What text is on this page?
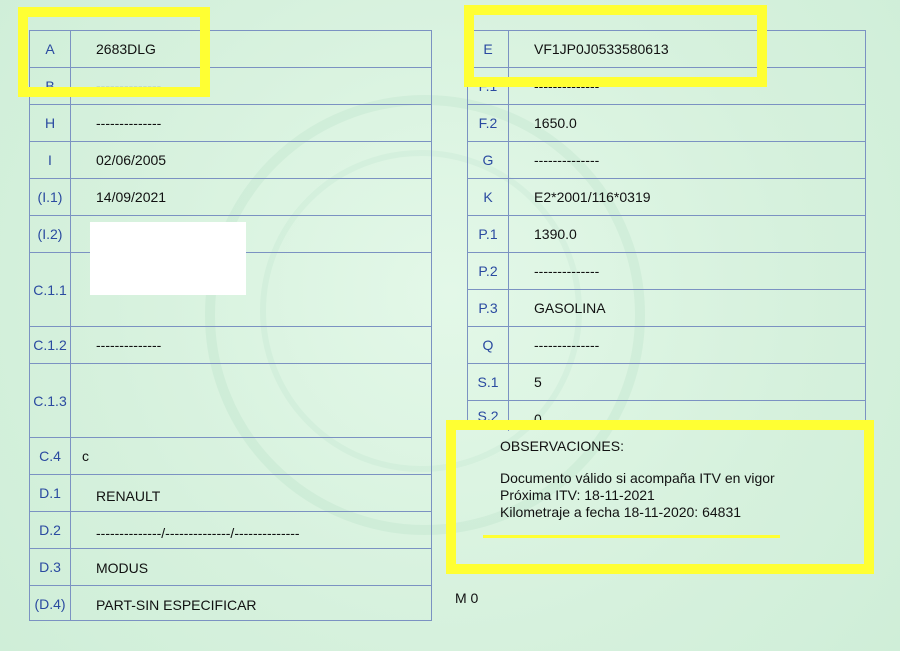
A	2683DLG
B	--------------
H	--------------
I	02/06/2005
(I.1)	14/09/2021
(I.2)
C.1.1
C.1.2	--------------
C.1.3
C.4	c
D.1	RENAULT
D.2	--------------/--------------/--------------
D.3	MODUS
(D.4)	PART-SIN ESPECIFICAR
E	VF1JP0J0533580613
F.1	--------------
F.2	1650.0
G	--------------
K	E2*2001/116*0319
P.1	1390.0
P.2	--------------
P.3	GASOLINA
Q	--------------
S.1	5
S.2	0
OBSERVACIONES:
Documento válido si acompaña ITV en vigor
Próxima ITV: 18-11-2021
Kilometraje a fecha 18-11-2020: 64831
M 0
